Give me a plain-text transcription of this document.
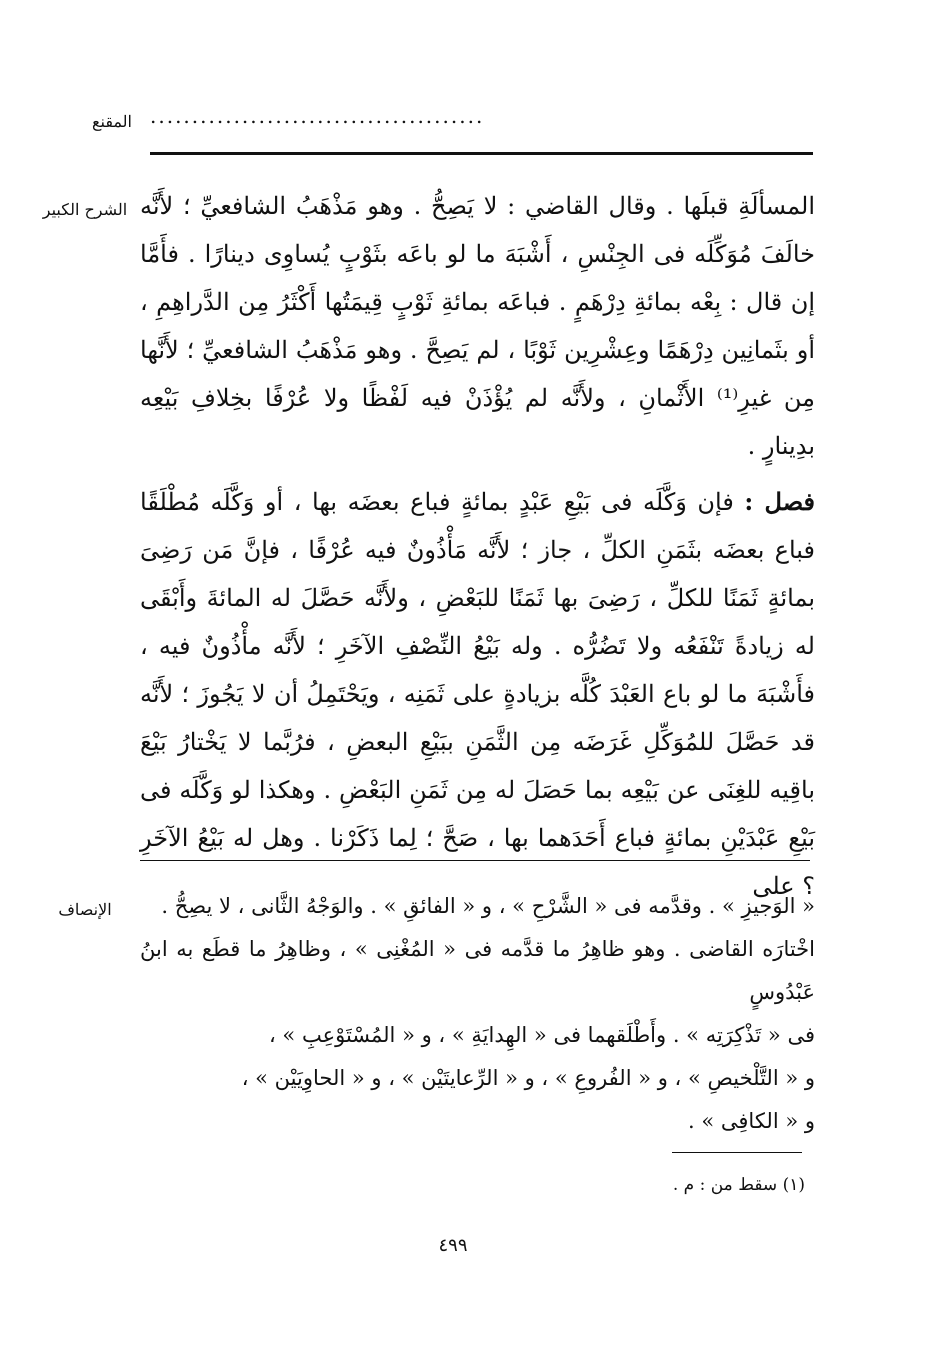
المقنع ........................................
الشرح الكبير المسألَةِ قبلَها . وقال القاضي : لا يَصِحُّ . وهو مَذْهَبُ الشافعيِّ ؛ لأَنَّه خالَفَ مُوَكِّلَه فى الجِنْسِ ، أَشْبَهَ ما لو باعَه بثَوْبٍ يُساوِى دينارًا . فأَمَّا إن قال : بِعْه بمائةِ دِرْهَمٍ . فباعَه بمائةِ ثَوْبٍ قِيمَتُها أَكْثَرُ مِن الدَّراهِمِ ، أو بثَمانِين دِرْهَمًا وعِشْرِين ثَوْبًا ، لم يَصِحَّ . وهو مَذْهَبُ الشافعيِّ ؛ لأَنَّها مِن غيرِ⁽¹⁾ الأَثْمانِ ، ولأَنَّه لم يُؤْذَنْ فيه لَفْظًا ولا عُرْفًا بخِلافِ بَيْعِه بدِينارٍ .

فصل : فإن وَكَّلَه فى بَيْعِ عَبْدٍ بمائةٍ فباع بعضَه بها ، أو وَكَّلَه مُطْلَقًا فباع بعضَه بثَمَنِ الكلِّ ، جاز ؛ لأَنَّه مَأْذُونٌ فيه عُرْفًا ، فإنَّ مَن رَضِىَ بمائةٍ ثَمَنًا للكلِّ ، رَضِىَ بها ثَمَنًا للبَعْضِ ، ولأَنَّه حَصَّلَ له المائةَ وأَبْقَى له زيادةً تَنْفَعُه ولا تَضُرُّه . وله بَيْعُ النِّصْفِ الآخَرِ ؛ لأَنَّه مأْذُونٌ فيه ، فأَشْبَهَ ما لو باع العَبْدَ كُلَّه بزيادةٍ على ثَمَنِه ، ويَحْتَمِلُ أن لا يَجُوزَ ؛ لأَنَّه قد حَصَّلَ للمُوَكِّلِ غَرَضَه مِن الثَّمَنِ ببَيْعِ البعضِ ، فرُبَّما لا يَخْتارُ بَيْعَ باقِيه للغِنَى عن بَيْعِه بما حَصَلَ له مِن ثَمَنِ البَعْضِ . وهكذا لو وَكَّلَه فى بَيْعِ عَبْدَيْنِ بمائةٍ فباع أَحَدَهما بها ، صَحَّ ؛ لِما ذَكَرْنا . وهل له بَيْعُ الآخَرِ ؟ على

الإنصاف	« الوَجيزِ » . وقدَّمه فى « الشَّرْحِ » ، و « الفائقِ » . والوَجْهُ الثَّانى ، لا يصِحُّ .

اخْتارَه القاضى . وهو ظاهِرُ ما قدَّمه فى « المُغْنِى » ، وظاهِرُ ما قطَع به ابنُ عَبْدُوسٍ

فى « تَذْكِرَتِه » . وأَطْلَقهما فى « الهِدايَةِ » ، و « المُسْتَوْعِبِ » ،

و « التَّلْخيصِ » ، و « الفُروعِ » ، و « الرِّعايتَيْن » ، و « الحاوِيَيْن » ،

و « الكافِى » .

(١) سقط من : م .
٤٩٩
